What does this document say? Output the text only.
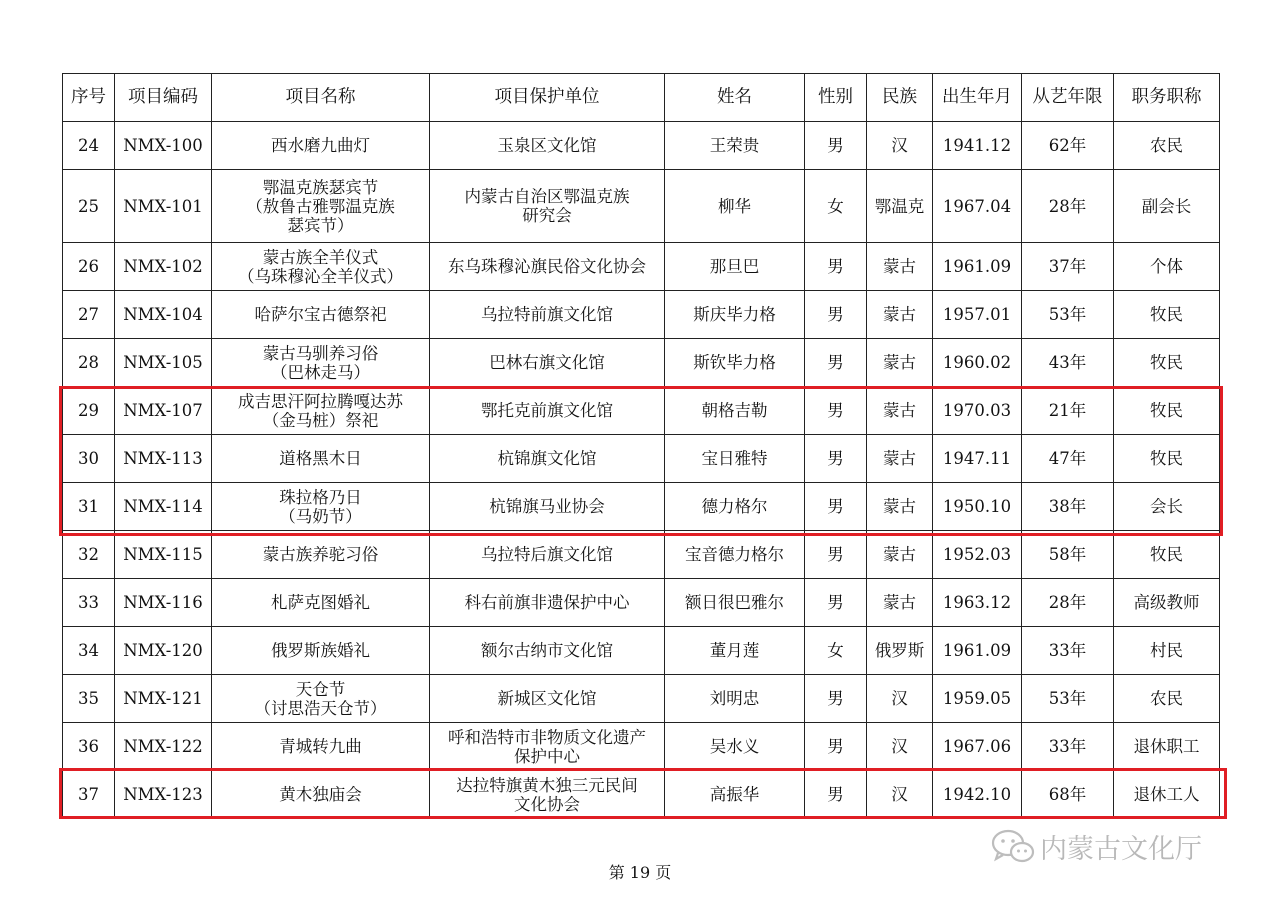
序号	项目编码	项目名称	项目保护单位	姓名	性别	民族	出生年月	从艺年限	职务职称
24	NMX-100	西水磨九曲灯	玉泉区文化馆	王荣贵	男	汉	1941.12	62年	农民
25	NMX-101	鄂温克族瑟宾节
（敖鲁古雅鄂温克族
瑟宾节）	内蒙古自治区鄂温克族
研究会	柳华	女	鄂温克	1967.04	28年	副会长
26	NMX-102	蒙古族全羊仪式
（乌珠穆沁全羊仪式）	东乌珠穆沁旗民俗文化协会	那旦巴	男	蒙古	1961.09	37年	个体
27	NMX-104	哈萨尔宝古德祭祀	乌拉特前旗文化馆	斯庆毕力格	男	蒙古	1957.01	53年	牧民
28	NMX-105	蒙古马驯养习俗
（巴林走马）	巴林右旗文化馆	斯钦毕力格	男	蒙古	1960.02	43年	牧民
29	NMX-107	成吉思汗阿拉腾嘎达苏
（金马桩）祭祀	鄂托克前旗文化馆	朝格吉勒	男	蒙古	1970.03	21年	牧民
30	NMX-113	道格黑木日	杭锦旗文化馆	宝日雅特	男	蒙古	1947.11	47年	牧民
31	NMX-114	珠拉格乃日
（马奶节）	杭锦旗马业协会	德力格尔	男	蒙古	1950.10	38年	会长
32	NMX-115	蒙古族养驼习俗	乌拉特后旗文化馆	宝音德力格尔	男	蒙古	1952.03	58年	牧民
33	NMX-116	札萨克图婚礼	科右前旗非遗保护中心	额日很巴雅尔	男	蒙古	1963.12	28年	高级教师
34	NMX-120	俄罗斯族婚礼	额尔古纳市文化馆	董月莲	女	俄罗斯	1961.09	33年	村民
35	NMX-121	天仓节
（讨思浩天仓节）	新城区文化馆	刘明忠	男	汉	1959.05	53年	农民
36	NMX-122	青城转九曲	呼和浩特市非物质文化遗产
保护中心	吴水义	男	汉	1967.06	33年	退休职工
37	NMX-123	黄木独庙会	达拉特旗黄木独三元民间
文化协会	高振华	男	汉	1942.10	68年	退休工人
第 19 页
内蒙古文化厅
